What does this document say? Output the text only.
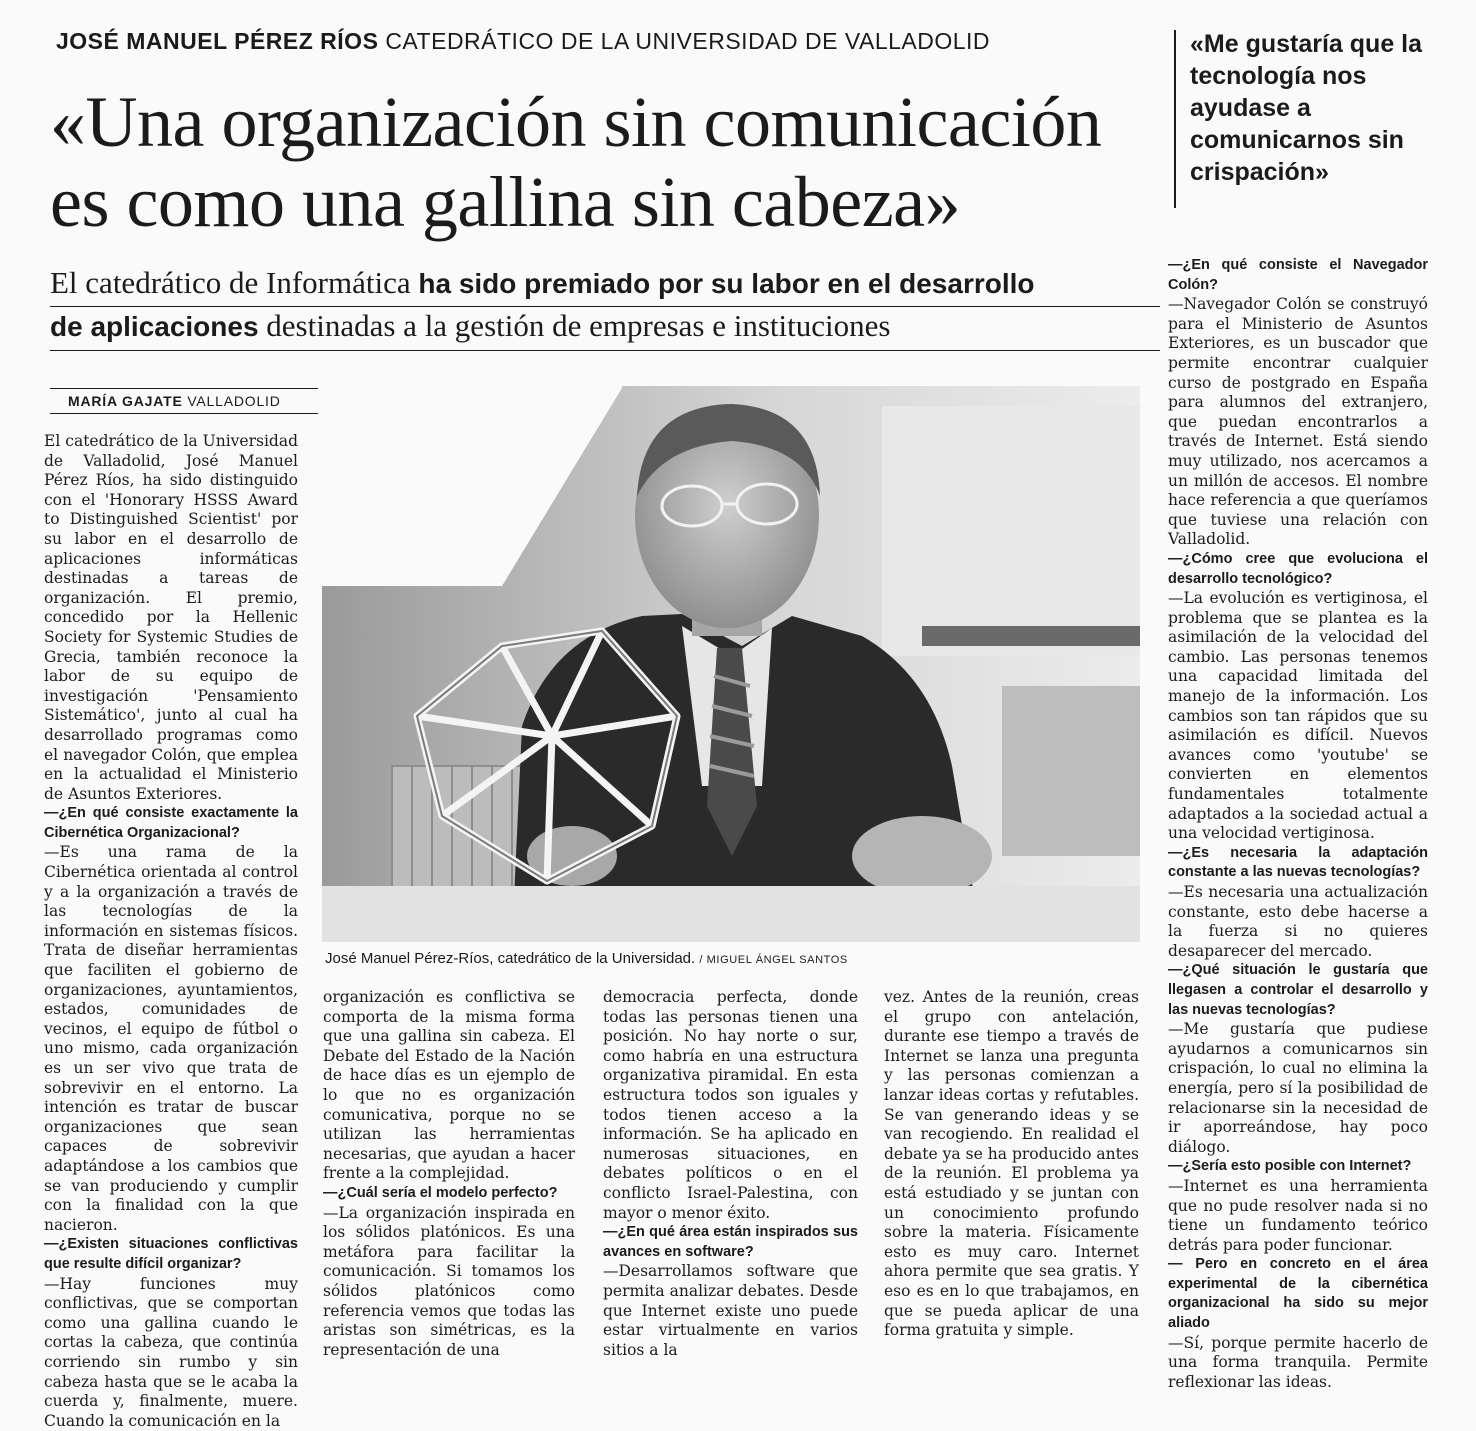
JOSÉ MANUEL PÉREZ RÍOS CATEDRÁTICO DE LA UNIVERSIDAD DE VALLADOLID
«Una organización sin comunicación
es como una gallina sin cabeza»
«Me gustaría que la
tecnología nos
ayudase a
comunicarnos sin
crispación»
El catedrático de Informática ha sido premiado por su labor en el desarrollo
de aplicaciones destinadas a la gestión de empresas e instituciones
MARÍA GAJATE VALLADOLID

El catedrático de la Universidad de Valladolid, José Manuel Pérez Ríos, ha sido distinguido con el 'Honorary HSSS Award to Distinguished Scientist' por su labor en el desarrollo de aplicaciones informáticas destinadas a tareas de organización. El premio, concedido por la Hellenic Society for Systemic Studies de Grecia, también reconoce la labor de su equipo de investigación 'Pensamiento Sistemático', junto al cual ha desarrollado programas como el navegador Colón, que emplea en la actualidad el Ministerio de Asuntos Exteriores.

—¿En qué consiste exactamente la Cibernética Organizacional?

—Es una rama de la Cibernética orientada al control y a la organización a través de las tecnologías de la información en sistemas físicos. Trata de diseñar herramientas que faciliten el gobierno de organizaciones, ayuntamientos, estados, comunidades de vecinos, el equipo de fútbol o uno mismo, cada organización es un ser vivo que trata de sobrevivir en el entorno. La intención es tratar de buscar organizaciones que sean capaces de sobrevivir adaptándose a los cambios que se van produciendo y cumplir con la finalidad con la que nacieron.

—¿Existen situaciones conflictivas que resulte difícil organizar?

—Hay funciones muy conflictivas, que se comportan como una gallina cuando le cortas la cabeza, que continúa corriendo sin rumbo y sin cabeza hasta que se le acaba la cuerda y, finalmente, muere. Cuando la comunicación en la

José Manuel Pérez-Ríos, catedrático de la Universidad. / MIGUEL ÁNGEL SANTOS

organización es conflictiva se comporta de la misma forma que una gallina sin cabeza. El Debate del Estado de la Nación de hace días es un ejemplo de lo que no es organización comunicativa, porque no se utilizan las herramientas necesarias, que ayudan a hacer frente a la complejidad.

—¿Cuál sería el modelo perfecto?

—La organización inspirada en los sólidos platónicos. Es una metáfora para facilitar la comunicación. Si tomamos los sólidos platónicos como referencia vemos que todas las aristas son simétricas, es la representación de una

democracia perfecta, donde todas las personas tienen una posición. No hay norte o sur, como habría en una estructura organizativa piramidal. En esta estructura todos son iguales y todos tienen acceso a la información. Se ha aplicado en numerosas situaciones, en debates políticos o en el conflicto Israel-Palestina, con mayor o menor éxito.

—¿En qué área están inspirados sus avances en software?

—Desarrollamos software que permita analizar debates. Desde que Internet existe uno puede estar virtualmente en varios sitios a la

vez. Antes de la reunión, creas el grupo con antelación, durante ese tiempo a través de Internet se lanza una pregunta y las personas comienzan a lanzar ideas cortas y refutables. Se van generando ideas y se van recogiendo. En realidad el debate ya se ha producido antes de la reunión. El problema ya está estudiado y se juntan con un conocimiento profundo sobre la materia. Físicamente esto es muy caro. Internet ahora permite que sea gratis. Y eso es en lo que trabajamos, en que se pueda aplicar de una forma gratuita y simple.

—¿En qué consiste el Navegador Colón?

—Navegador Colón se construyó para el Ministerio de Asuntos Exteriores, es un buscador que permite encontrar cualquier curso de postgrado en España para alumnos del extranjero, que puedan encontrarlos a través de Internet. Está siendo muy utilizado, nos acercamos a un millón de accesos. El nombre hace referencia a que queríamos que tuviese una relación con Valladolid.

—¿Cómo cree que evoluciona el desarrollo tecnológico?

—La evolución es vertiginosa, el problema que se plantea es la asimilación de la velocidad del cambio. Las personas tenemos una capacidad limitada del manejo de la información. Los cambios son tan rápidos que su asimilación es difícil. Nuevos avances como 'youtube' se convierten en elementos fundamentales totalmente adaptados a la sociedad actual a una velocidad vertiginosa.

—¿Es necesaria la adaptación constante a las nuevas tecnologías?

—Es necesaria una actualización constante, esto debe hacerse a la fuerza si no quieres desaparecer del mercado.

—¿Qué situación le gustaría que llegasen a controlar el desarrollo y las nuevas tecnologías?

—Me gustaría que pudiese ayudarnos a comunicarnos sin crispación, lo cual no elimina la energía, pero sí la posibilidad de relacionarse sin la necesidad de ir aporreándose, hay poco diálogo.

—¿Sería esto posible con Internet?

—Internet es una herramienta que no pude resolver nada si no tiene un fundamento teórico detrás para poder funcionar.

— Pero en concreto en el área experimental de la cibernética organizacional ha sido su mejor aliado

—Sí, porque permite hacerlo de una forma tranquila. Permite reflexionar las ideas.
